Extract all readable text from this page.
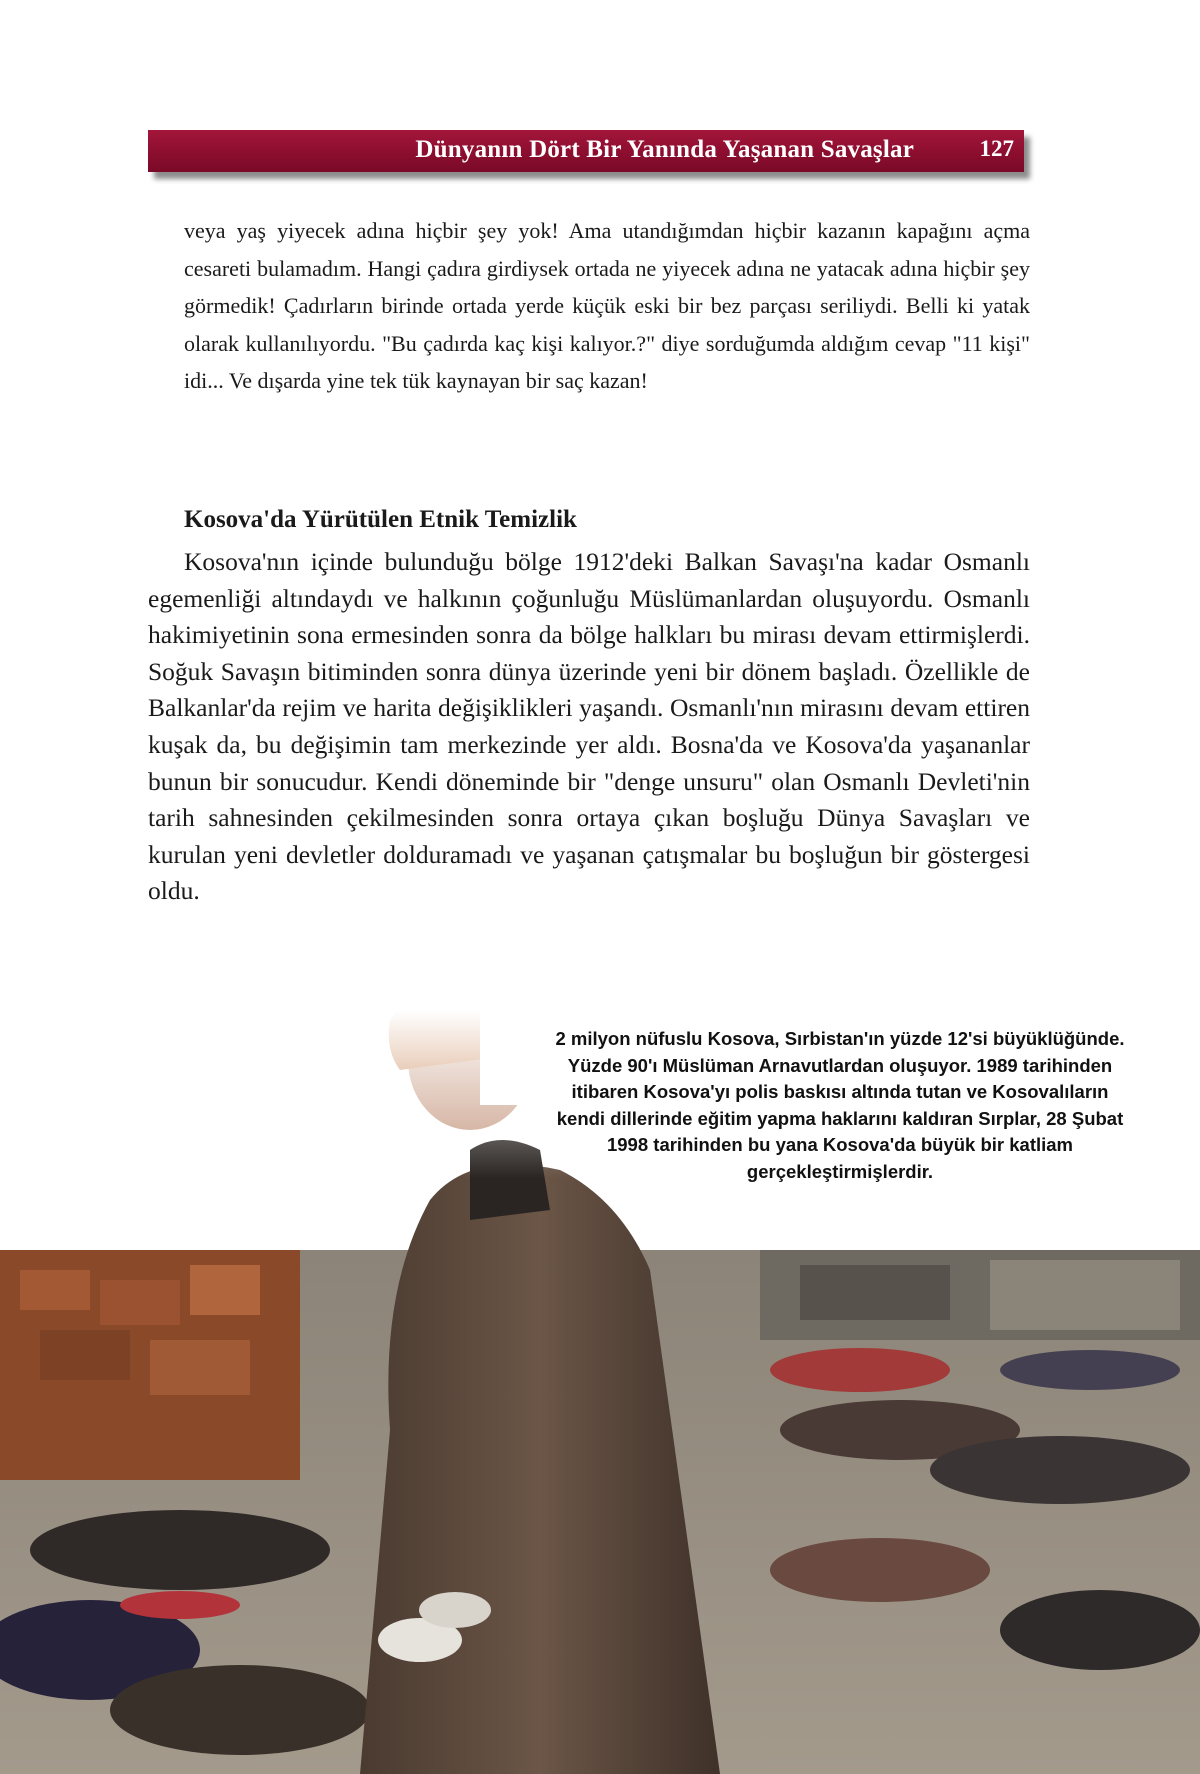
Dünyanın Dört Bir Yanında Yaşanan Savaşlar	127

veya yaş yiyecek adına hiçbir şey yok! Ama utandığımdan hiçbir kazanın kapağını açma cesareti bulamadım. Hangi çadıra girdiysek ortada ne yiyecek adına ne yatacak adına hiçbir şey görmedik! Çadırların birinde ortada yerde küçük eski bir bez parçası seriliydi. Belli ki yatak olarak kullanılıyordu. "Bu çadırda kaç kişi kalıyor.?" diye sorduğumda aldığım cevap "11 kişi" idi... Ve dışarda yine tek tük kaynayan bir saç kazan!

Kosova'da Yürütülen Etnik Temizlik

Kosova'nın içinde bulunduğu bölge 1912'deki Balkan Savaşı'na kadar Osmanlı egemenliği altındaydı ve halkının çoğunluğu Müslümanlardan oluşuyordu. Osmanlı hakimiyetinin sona ermesinden sonra da bölge halkları bu mirası devam ettirmişlerdi. Soğuk Savaşın bitiminden sonra dünya üzerinde yeni bir dönem başladı. Özellikle de Balkanlar'da rejim ve harita değişiklikleri yaşandı. Osmanlı'nın mirasını devam ettiren kuşak da, bu değişimin tam merkezinde yer aldı. Bosna'da ve Kosova'da yaşananlar bunun bir sonucudur. Kendi döneminde bir "denge unsuru" olan Osmanlı Devleti'nin tarih sahnesinden çekilmesinden sonra ortaya çıkan boşluğu Dünya Savaşları ve kurulan yeni devletler dolduramadı ve yaşanan çatışmalar bu boşluğun bir göstergesi oldu.

2 milyon nüfuslu Kosova, Sırbistan'ın yüzde 12'si büyüklüğünde. Yüzde 90'ı Müslüman Arnavutlardan oluşuyor. 1989 tarihinden itibaren Kosova'yı polis baskısı altında tutan ve Kosovalıların kendi dillerinde eğitim yapma haklarını kaldıran Sırplar, 28 Şubat 1998 tarihinden bu yana Kosova'da büyük bir katliam gerçekleştirmişlerdir.
